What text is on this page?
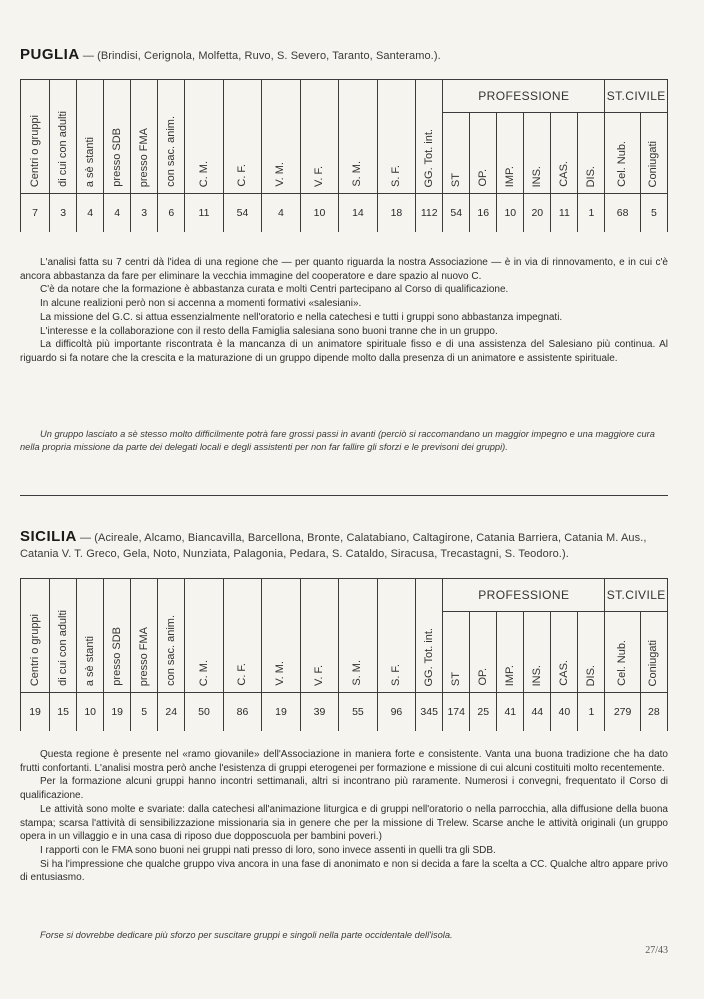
PUGLIA — (Brindisi, Cerignola, Molfetta, Ruvo, S. Severo, Taranto, Santeramo.).
Centri o gruppi	di cui con adulti	a sè stanti	presso SDB	presso FMA	con sac. anim.	C. M.	C. F.	V. M.	V. F.	S. M.	S. F.	GG. Tot. int.	PROFESSIONE						ST.CIVILE	

													ST	OP.	IMP.	INS.	CAS.	DIS.	Cel. Nub.	Coniugati

7	3	4	4	3	6	11	54	4	10	14	18	112	54	16	10	20	11	1	68	5

L'analisi fatta su 7 centri dà l'idea di una regione che — per quanto riguarda la nostra Associazione — è in via di rinnovamento, e in cui c'è ancora abbastanza da fare per eliminare la vecchia immagine del cooperatore e dare spazio al nuovo C.

C'è da notare che la formazione è abbastanza curata e molti Centri partecipano al Corso di qualificazione.

In alcune realizioni però non si accenna a momenti formativi «salesiani».

La missione del G.C. si attua essenzialmente nell'oratorio e nella catechesi e tutti i gruppi sono abbastanza impegnati.

L'interesse e la collaborazione con il resto della Famiglia salesiana sono buoni tranne che in un gruppo.

La difficoltà più importante riscontrata è la mancanza di un animatore spirituale fisso e di una assistenza del Salesiano più continua. Al riguardo si fa notare che la crescita e la maturazione di un gruppo dipende molto dalla presenza di un animatore e assistente spirituale.

Un gruppo lasciato a sè stesso molto difficilmente potrà fare grossi passi in avanti (perciò si raccomandano un maggior impegno e una maggiore cura nella propria missione da parte dei delegati locali e degli assistenti per non far fallire gli sforzi e le previsoni dei gruppi).
SICILIA — (Acireale, Alcamo, Biancavilla, Barcellona, Bronte, Calatabiano, Caltagirone, Catania Barriera, Catania M. Aus., Catania V. T. Greco, Gela, Noto, Nunziata, Palagonia, Pedara, S. Cataldo, Siracusa, Trecastagni, S. Teodoro.).
Centri o gruppi	di cui con adulti	a sè stanti	presso SDB	presso FMA	con sac. anim.	C. M.	C. F.	V. M.	V. F.	S. M.	S. F.	GG. Tot. int.	PROFESSIONE						ST.CIVILE	

													ST	OP.	IMP.	INS.	CAS.	DIS.	Cel. Nub.	Coniugati

19	15	10	19	5	24	50	86	19	39	55	96	345	174	25	41	44	40	1	279	28

Questa regione è presente nel «ramo giovanile» dell'Associazione in maniera forte e consistente. Vanta una buona tradizione che ha dato frutti confortanti. L'analisi mostra però anche l'esistenza di gruppi eterogenei per formazione e missione di cui alcuni costituiti molto recentemente.

Per la formazione alcuni gruppi hanno incontri settimanali, altri si incontrano più raramente. Numerosi i convegni, frequentato il Corso di qualificazione.

Le attività sono molte e svariate: dalla catechesi all'animazione liturgica e di gruppi nell'oratorio o nella parrocchia, alla diffusione della buona stampa; scarsa l'attività di sensibilizzazione missionaria sia in genere che per la missione di Trelew. Scarse anche le attività originali (un gruppo opera in un villaggio e in una casa di riposo due dopposcuola per bambini poveri.)

I rapporti con le FMA sono buoni nei gruppi nati presso di loro, sono invece assenti in quelli tra gli SDB.

Si ha l'impressione che qualche gruppo viva ancora in una fase di anonimato e non si decida a fare la scelta a CC. Qualche altro appare privo di entusiasmo.

Forse si dovrebbe dedicare più sforzo per suscitare gruppi e singoli nella parte occidentale dell'isola.
27/43
